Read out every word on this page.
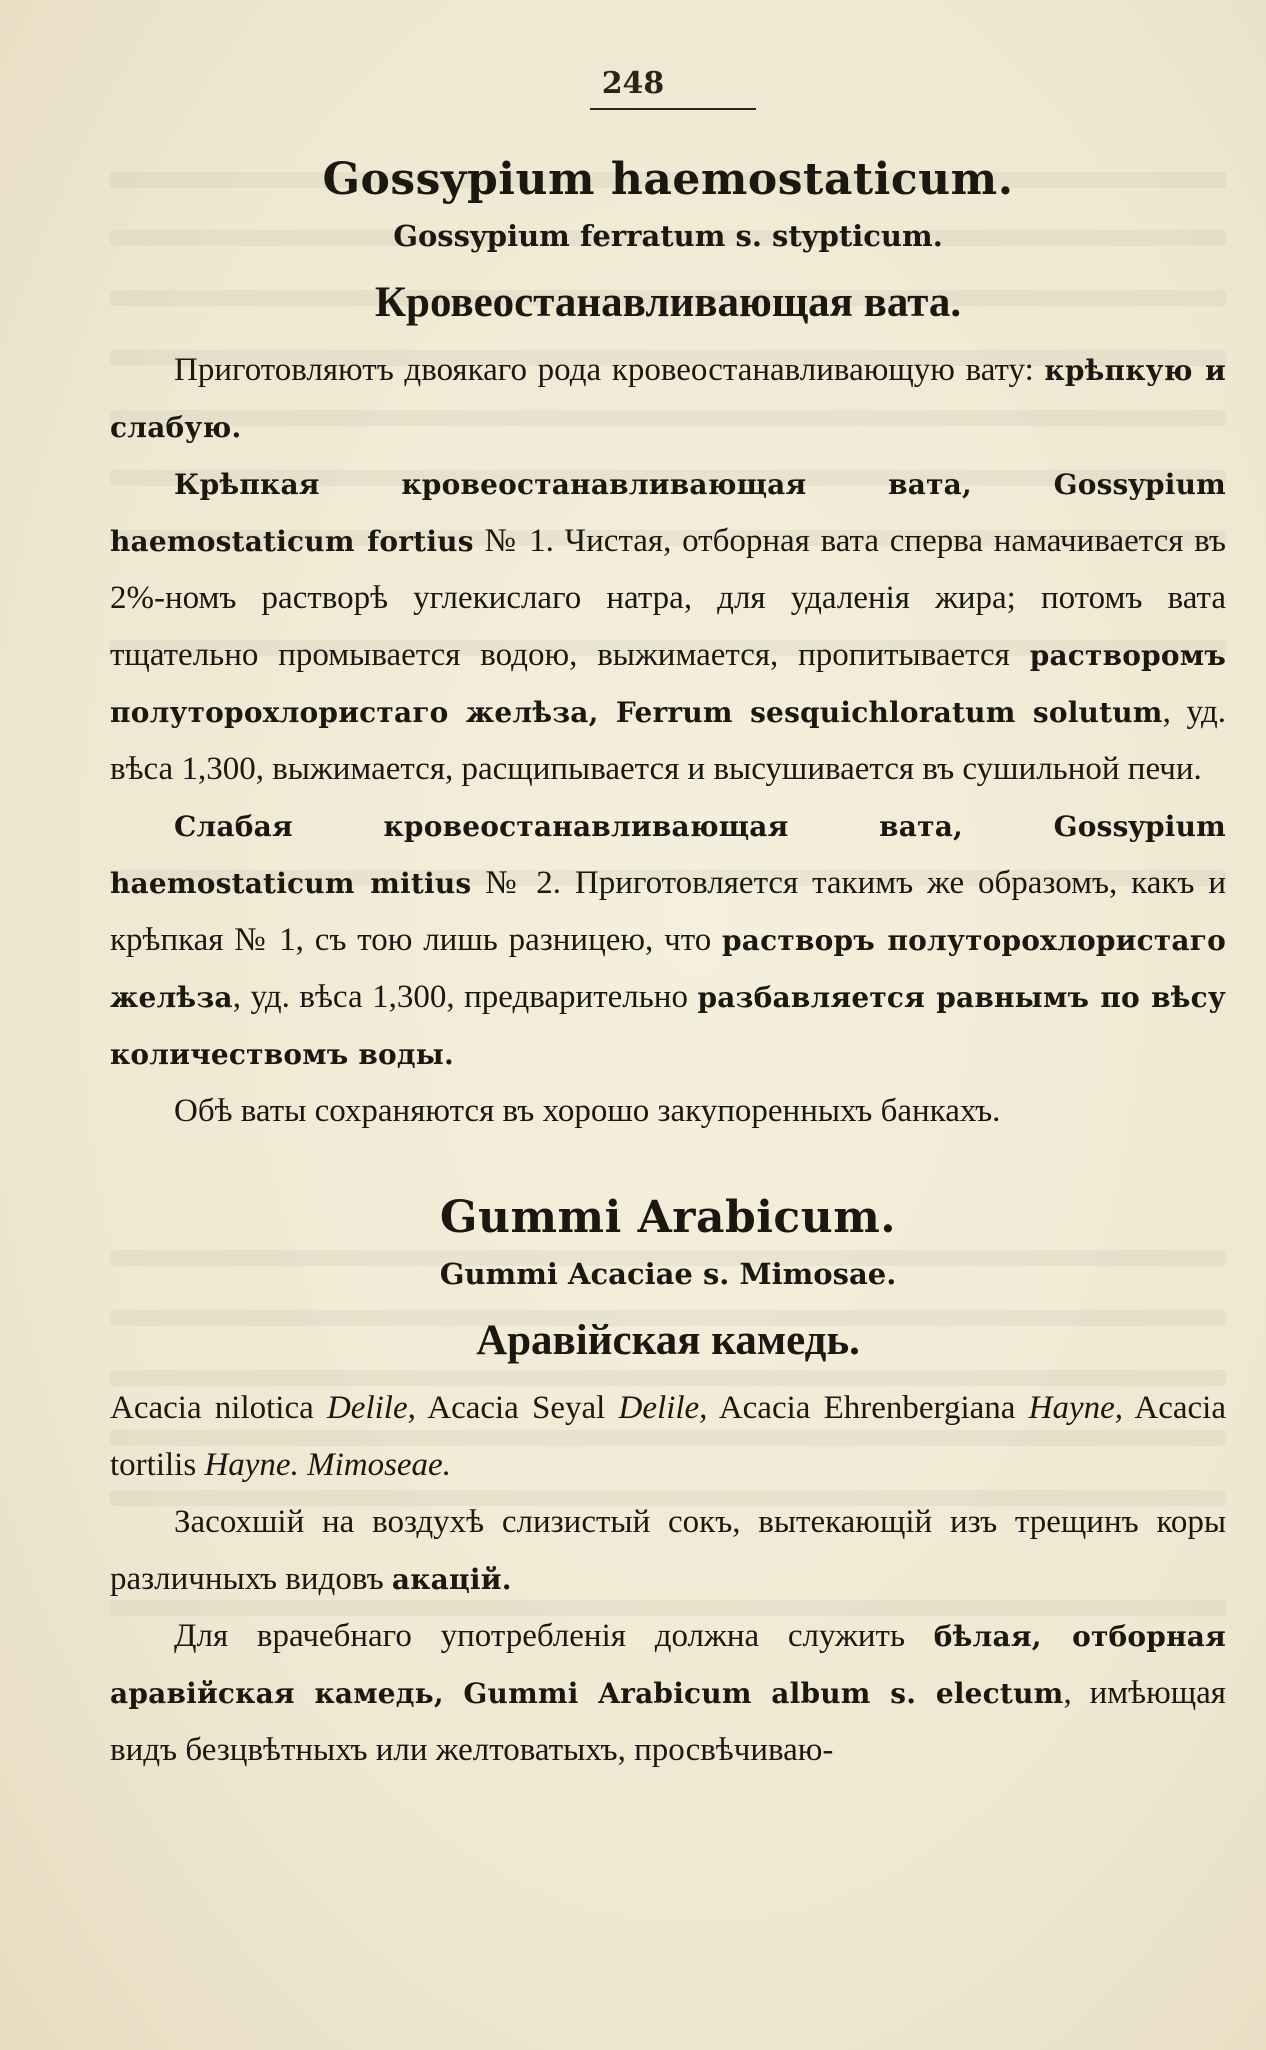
248
Gossypium haemostaticum.
Gossypium ferratum s. stypticum.
Кровеостанавливающая вата.

Приготовляютъ двоякаго рода кровеостанавливающую вату: крѣпкую и слабую.

Крѣпкая кровеостанавливающая вата, Gossypium haemostaticum fortius № 1. Чистая, отборная вата сперва намачивается въ 2%-номъ растворѣ углекислаго натра, для удаленія жира; потомъ вата тщательно промывается водою, выжимается, пропитывается растворомъ полуторохлористаго желѣза, Ferrum sesquichloratum solutum, уд. вѣса 1,300, выжимается, расщипывается и высушивается въ сушильной печи.

Слабая кровеостанавливающая вата, Gossypium haemostaticum mitius № 2. Приготовляется такимъ же образомъ, какъ и крѣпкая № 1, съ тою лишь разницею, что растворъ полуторохлористаго желѣза, уд. вѣса 1,300, предварительно разбавляется равнымъ по вѣсу количествомъ воды.

Обѣ ваты сохраняются въ хорошо закупоренныхъ банкахъ.

Gummi Arabicum.
Gummi Acaciae s. Mimosae.
Аравійская камедь.

Acacia nilotica Delile, Acacia Seyal Delile, Acacia Ehrenbergiana Hayne, Acacia tortilis Hayne. Mimoseae.

Засохшій на воздухѣ слизистый сокъ, вытекающій изъ трещинъ коры различныхъ видовъ акацій.

Для врачебнаго употребленія должна служить бѣлая, отборная аравійская камедь, Gummi Arabicum album s. electum, имѣющая видъ безцвѣтныхъ или желтоватыхъ, просвѣчиваю-
